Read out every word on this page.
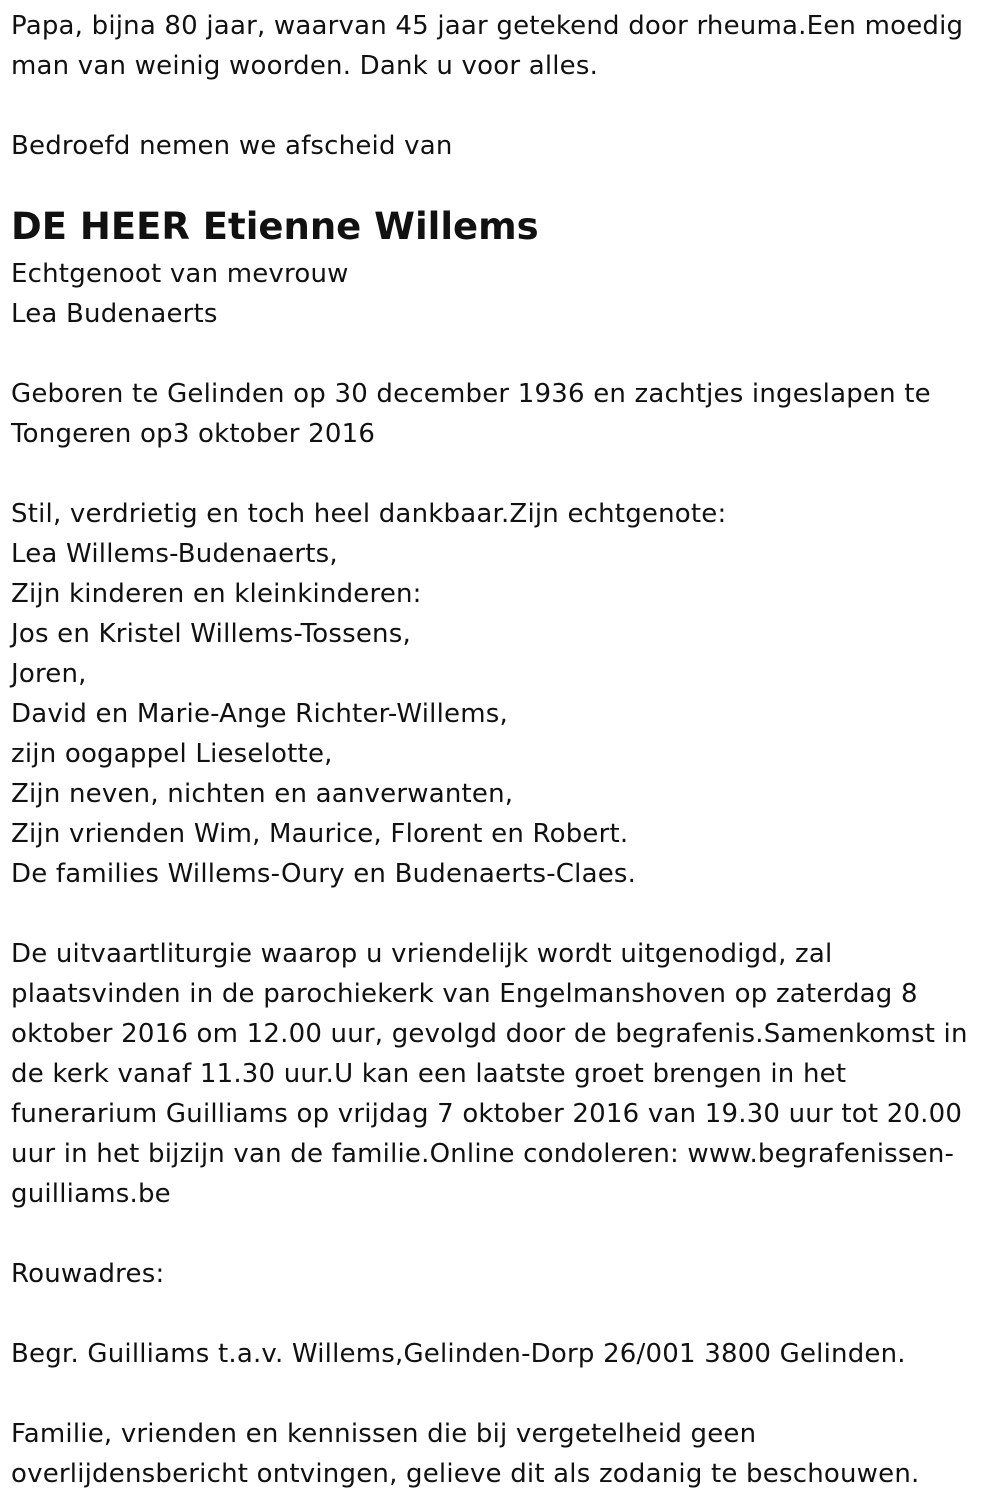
Papa, bijna 80 jaar, waarvan 45 jaar getekend door rheuma.Een moedig
man van weinig woorden. Dank u voor alles.
Bedroefd nemen we afscheid van
DE HEER Etienne Willems
Echtgenoot van mevrouw
Lea Budenaerts
Geboren te Gelinden op 30 december 1936 en zachtjes ingeslapen te
Tongeren op3 oktober 2016
Stil, verdrietig en toch heel dankbaar.Zijn echtgenote:
Lea Willems-Budenaerts,
Zijn kinderen en kleinkinderen:
Jos en Kristel Willems-Tossens,
Joren,
David en Marie-Ange Richter-Willems,
zijn oogappel Lieselotte,
Zijn neven, nichten en aanverwanten,
Zijn vrienden Wim, Maurice, Florent en Robert.
De families Willems-Oury en Budenaerts-Claes.
De uitvaartliturgie waarop u vriendelijk wordt uitgenodigd, zal
plaatsvinden in de parochiekerk van Engelmanshoven op zaterdag 8
oktober 2016 om 12.00 uur, gevolgd door de begrafenis.Samenkomst in
de kerk vanaf 11.30 uur.U kan een laatste groet brengen in het
funerarium Guilliams op vrijdag 7 oktober 2016 van 19.30 uur tot 20.00
uur in het bijzijn van de familie.Online condoleren: www.begrafenissen-
guilliams.be
Rouwadres:
Begr. Guilliams t.a.v. Willems,Gelinden-Dorp 26/001 3800 Gelinden.
Familie, vrienden en kennissen die bij vergetelheid geen
overlijdensbericht ontvingen, gelieve dit als zodanig te beschouwen.
